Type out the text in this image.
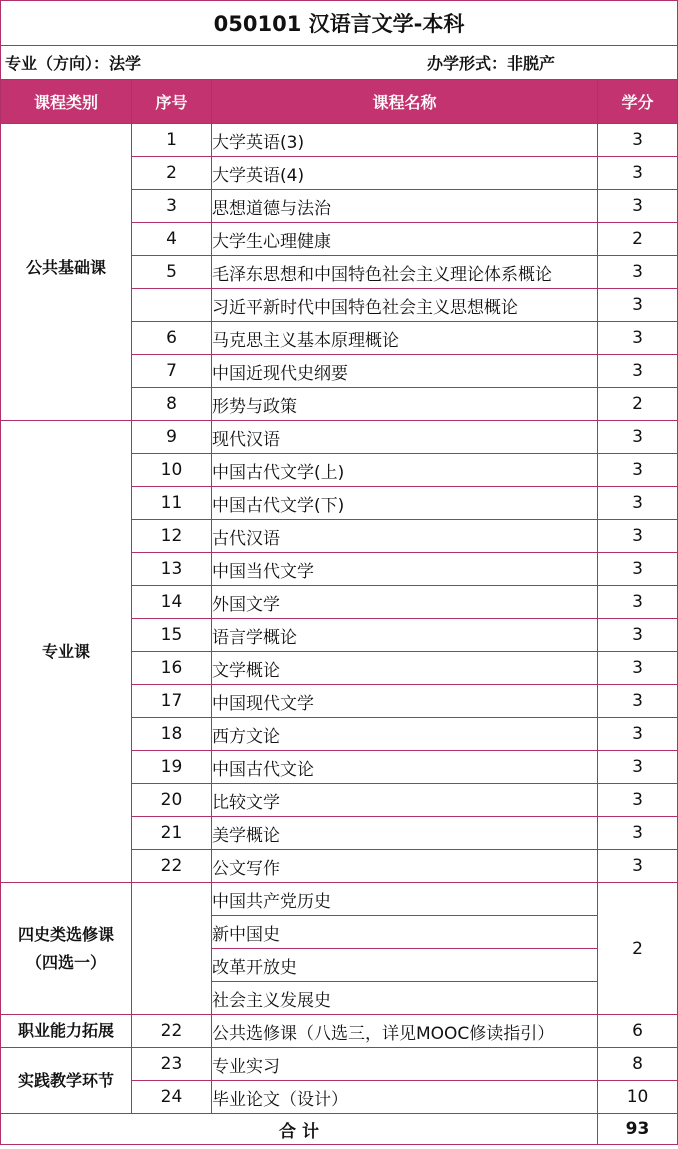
050101 汉语言文学-本科			
专业（方向）：法学 办学形式：非脱产			
课程类别	序号	课程名称	学分
公共基础课	1	大学英语(3)	3
	2	大学英语(4)	3
	3	思想道德与法治	3
	4	大学生心理健康	2
	5	毛泽东思想和中国特色社会主义理论体系概论	3
		习近平新时代中国特色社会主义思想概论	3
	6	马克思主义基本原理概论	3
	7	中国近现代史纲要	3
	8	形势与政策	2
专业课	9	现代汉语	3
	10	中国古代文学(上)	3
	11	中国古代文学(下)	3
	12	古代汉语	3
	13	中国当代文学	3
	14	外国文学	3
	15	语言学概论	3
	16	文学概论	3
	17	中国现代文学	3
	18	西方文论	3
	19	中国古代文论	3
	20	比较文学	3
	21	美学概论	3
	22	公文写作	3

四史类选修课
（四选一）		中国共产党历史	2
		新中国史	
		改革开放史	
		社会主义发展史	
职业能力拓展	22	公共选修课（八选三，详见MOOC修读指引）	6
实践教学环节	23	专业实习	8
	24	毕业论文（设计）	10
合 计			93
